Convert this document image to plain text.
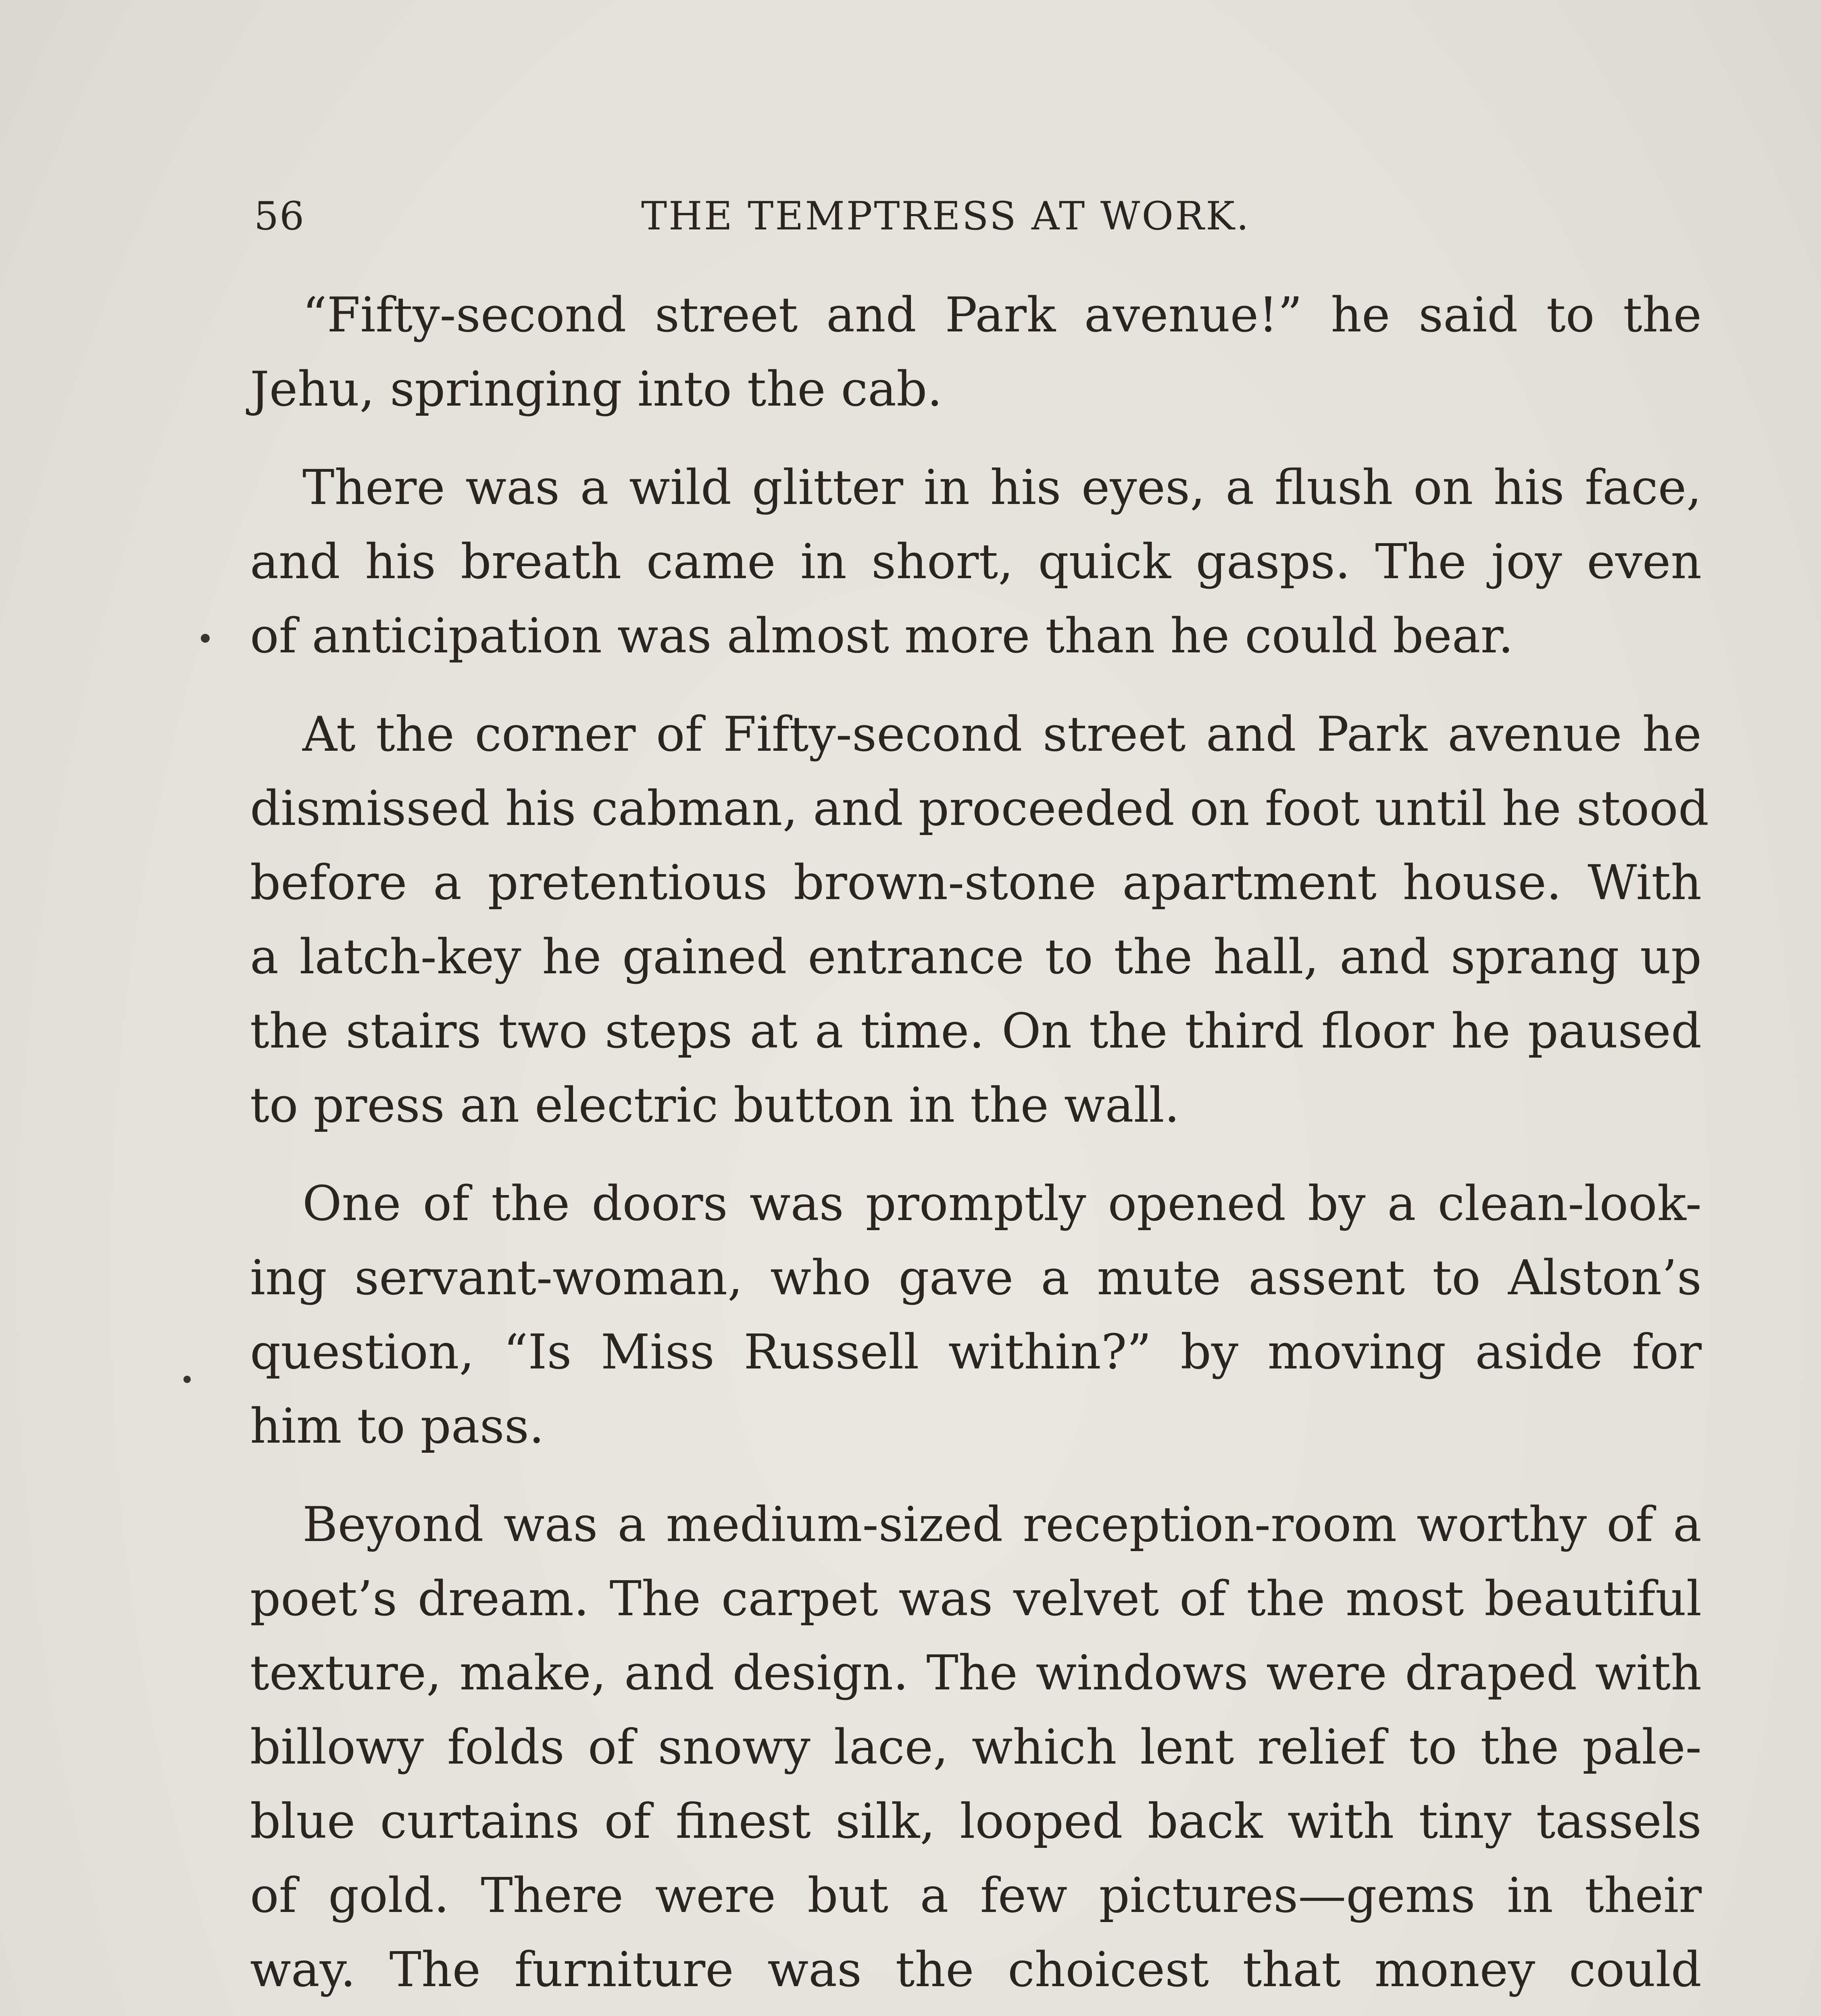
56	THE TEMPTRESS AT WORK.
“Fifty-second street and Park avenue!” he said to the
Jehu, springing into the cab.
There was a wild glitter in his eyes, a flush on his face,
and his breath came in short, quick gasps. The joy even
of anticipation was almost more than he could bear.
At the corner of Fifty-second street and Park avenue he
dismissed his cabman, and proceeded on foot until he stood
before a pretentious brown-stone apartment house. With
a latch-key he gained entrance to the hall, and sprang up
the stairs two steps at a time. On the third floor he paused
to press an electric button in the wall.
One of the doors was promptly opened by a clean-look-
ing servant-woman, who gave a mute assent to Alston’s
question, “Is Miss Russell within?” by moving aside for
him to pass.
Beyond was a medium-sized reception-room worthy of a
poet’s dream. The carpet was velvet of the most beautiful
texture, make, and design. The windows were draped with
billowy folds of snowy lace, which lent relief to the pale-
blue curtains of finest silk, looped back with tiny tassels
of gold. There were but a few pictures—gems in their
way. The furniture was the choicest that money could
